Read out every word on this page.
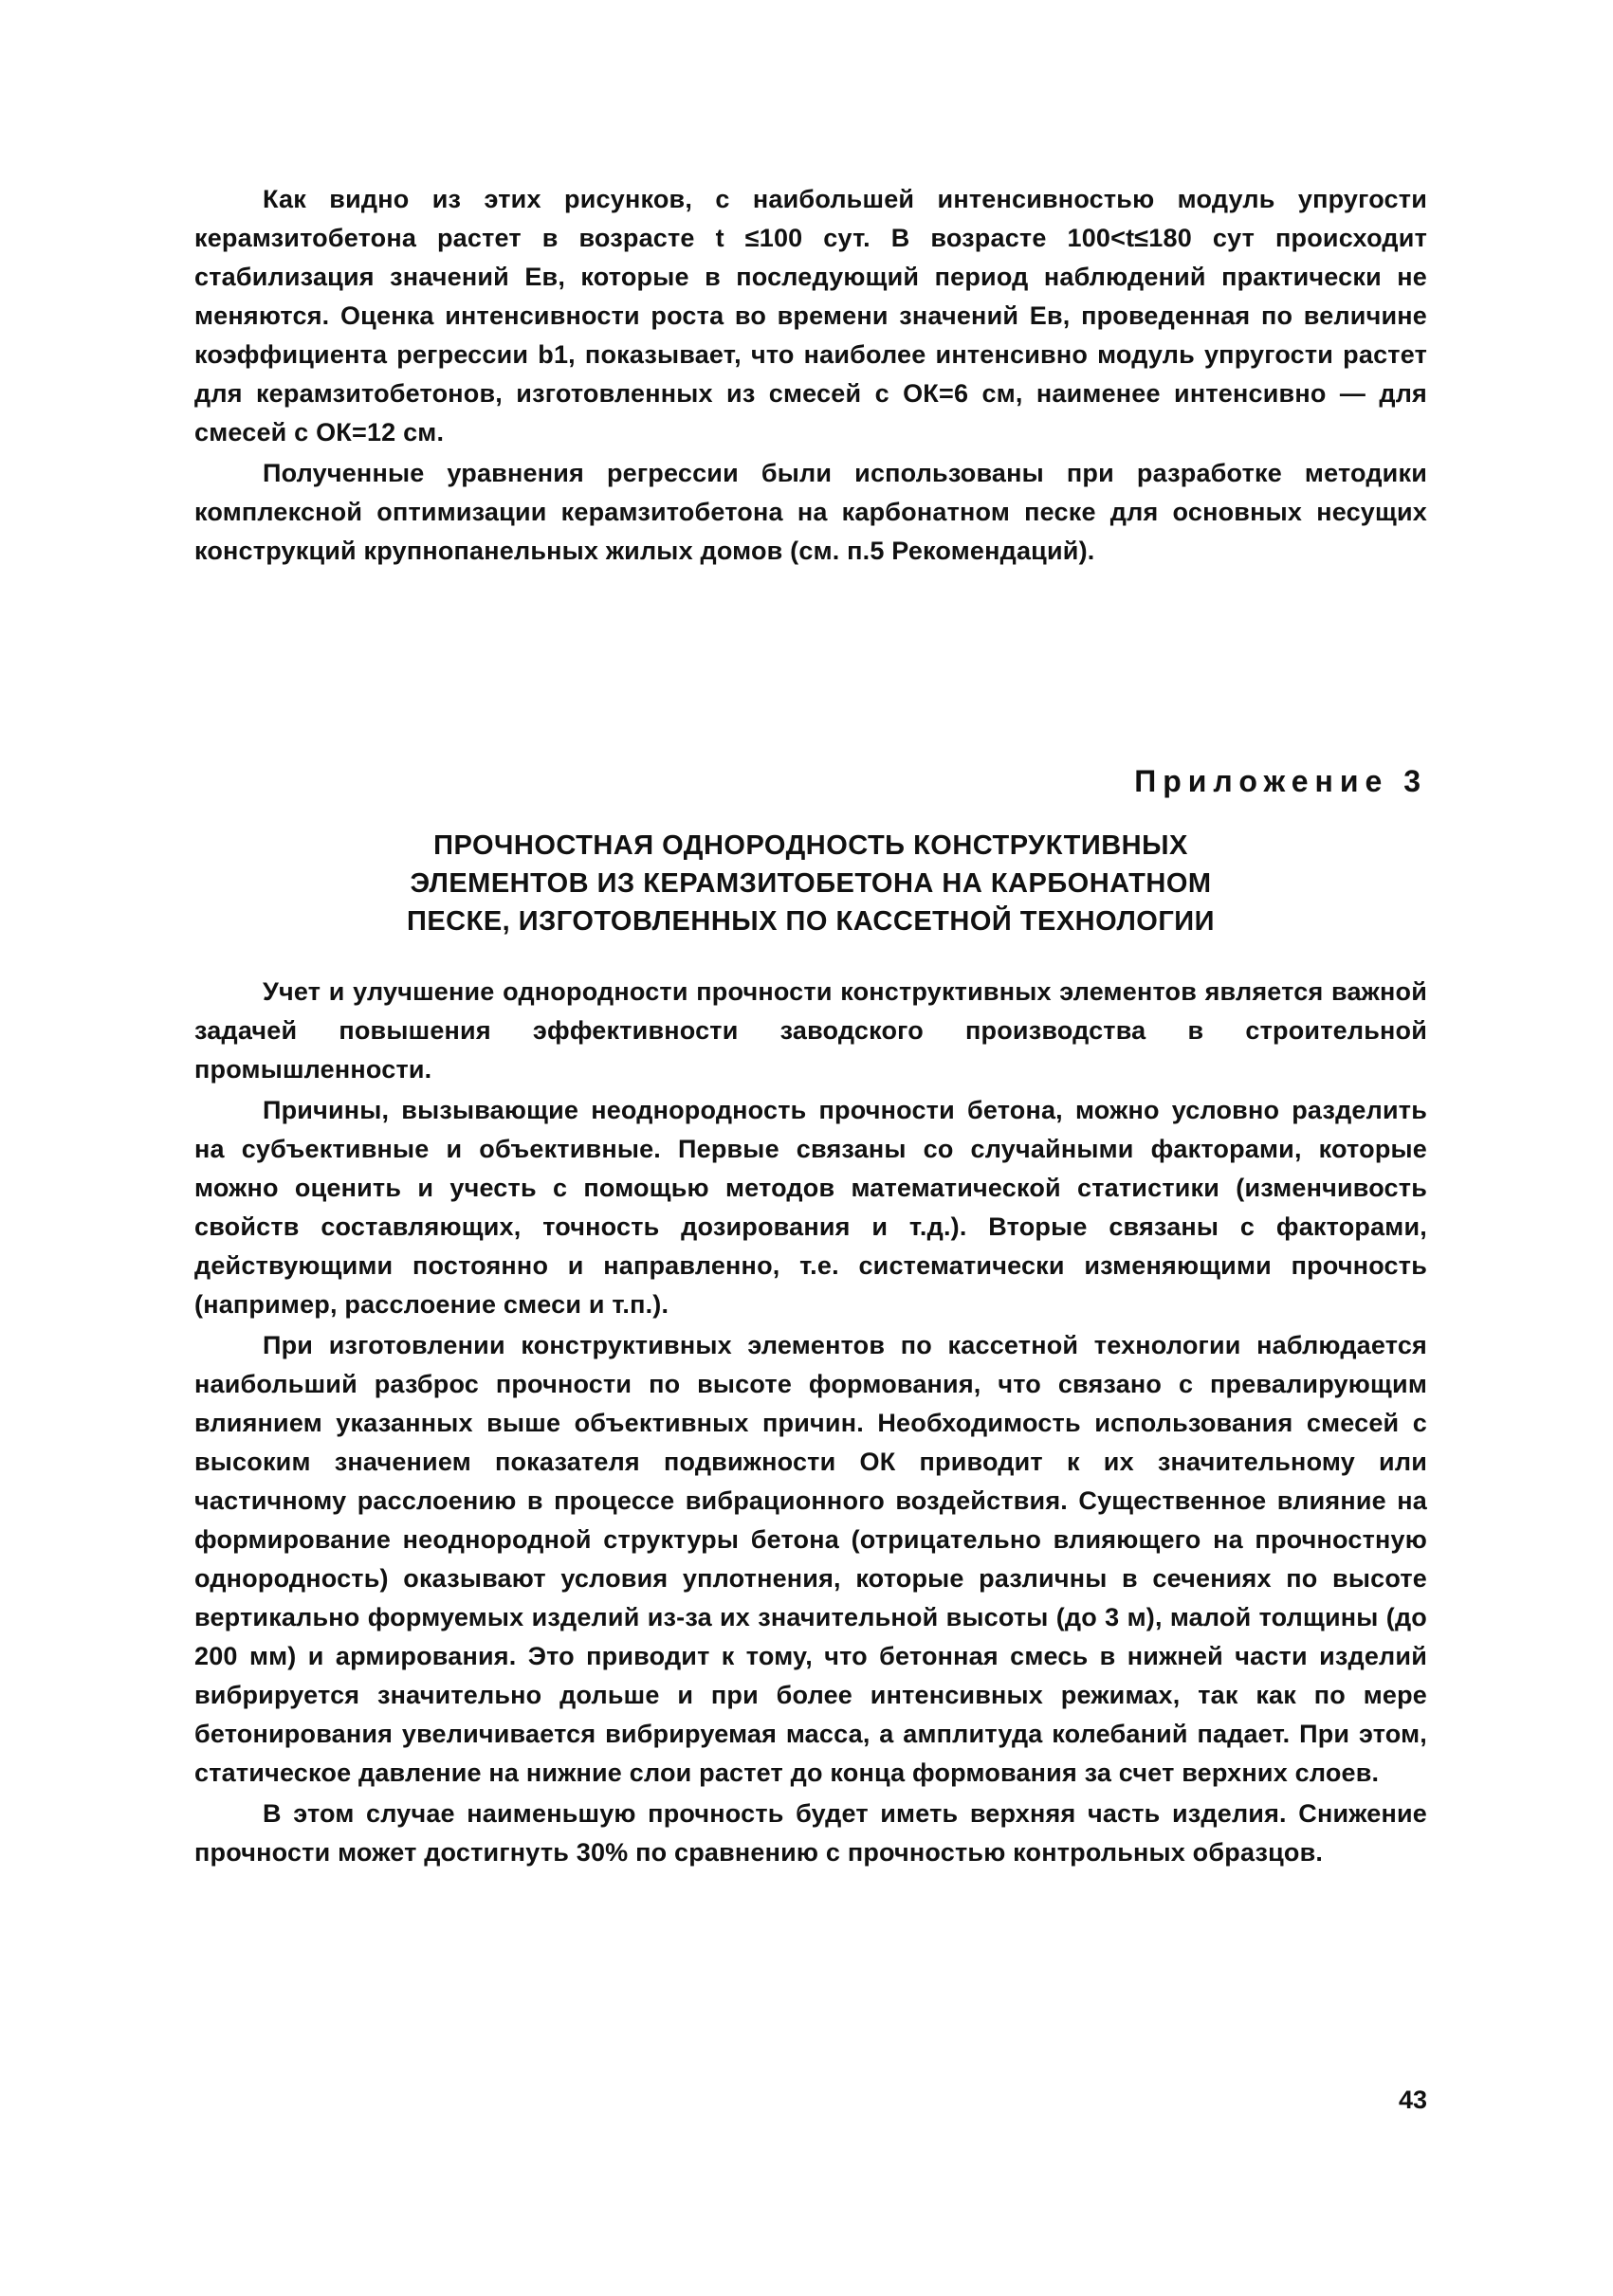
Как видно из этих рисунков, с наибольшей интенсивностью модуль упругости керамзитобетона растет в возрасте t ≤100 сут. В возрасте 100<t≤180 сут происходит стабилизация значений Eв, которые в последующий период наблюдений практически не меняются. Оценка интенсивности роста во времени значений Eв, проведенная по величине коэффициента регрессии b1, показывает, что наиболее интенсивно модуль упругости растет для керамзитобетонов, изготовленных из смесей с ОК=6 см, наименее интенсивно — для смесей с ОК=12 см.

Полученные уравнения регрессии были использованы при разработке методики комплексной оптимизации керамзитобетона на карбонатном песке для основных несущих конструкций крупнопанельных жилых домов (см. п.5 Рекомендаций).

Приложение 3
ПРОЧНОСТНАЯ ОДНОРОДНОСТЬ КОНСТРУКТИВНЫХ
ЭЛЕМЕНТОВ ИЗ КЕРАМЗИТОБЕТОНА НА КАРБОНАТНОМ
ПЕСКЕ, ИЗГОТОВЛЕННЫХ ПО КАССЕТНОЙ ТЕХНОЛОГИИ

Учет и улучшение однородности прочности конструктивных элементов является важной задачей повышения эффективности заводского производства в строительной промышленности.

Причины, вызывающие неоднородность прочности бетона, можно условно разделить на субъективные и объективные. Первые связаны со случайными факторами, которые можно оценить и учесть с помощью методов математической статистики (изменчивость свойств составляющих, точность дозирования и т.д.). Вторые связаны с факторами, действующими постоянно и направленно, т.е. систематически изменяющими прочность (например, расслоение смеси и т.п.).

При изготовлении конструктивных элементов по кассетной технологии наблюдается наибольший разброс прочности по высоте формования, что связано с превалирующим влиянием указанных выше объективных причин. Необходимость использования смесей с высоким значением показателя подвижности ОК приводит к их значительному или частичному расслоению в процессе вибрационного воздействия. Существенное влияние на формирование неоднородной структуры бетона (отрицательно влияющего на прочностную однородность) оказывают условия уплотнения, которые различны в сечениях по высоте вертикально формуемых изделий из-за их значительной высоты (до 3 м), малой толщины (до 200 мм) и армирования. Это приводит к тому, что бетонная смесь в нижней части изделий вибрируется значительно дольше и при более интенсивных режимах, так как по мере бетонирования увеличивается вибрируемая масса, а амплитуда колебаний падает. При этом, статическое давление на нижние слои растет до конца формования за счет верхних слоев.

В этом случае наименьшую прочность будет иметь верхняя часть изделия. Снижение прочности может достигнуть 30% по сравнению с прочностью контрольных образцов.

43
